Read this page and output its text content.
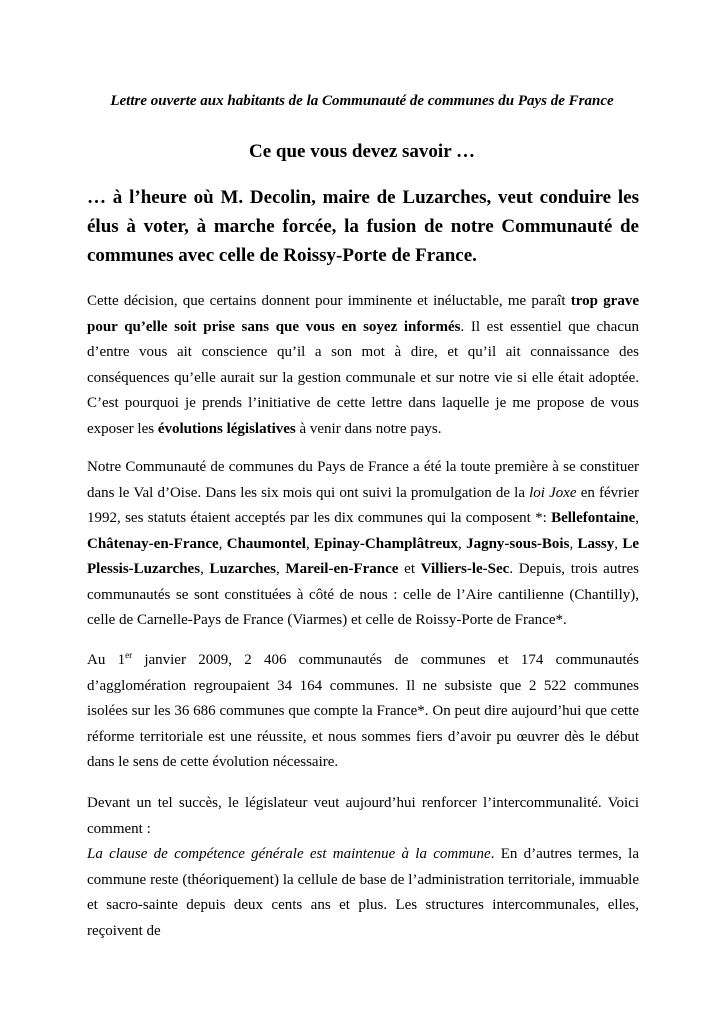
Lettre ouverte aux habitants de la Communauté de communes du Pays de France
Ce que vous devez savoir …
… à l’heure où M. Decolin, maire de Luzarches, veut conduire les élus à voter, à marche forcée, la fusion de notre Communauté de communes avec celle de Roissy-Porte de France.
Cette décision, que certains donnent pour imminente et inéluctable, me paraît trop grave pour qu’elle soit prise sans que vous en soyez informés. Il est essentiel que chacun d’entre vous ait conscience qu’il a son mot à dire, et qu’il ait connaissance des conséquences qu’elle aurait sur la gestion communale et sur notre vie si elle était adoptée. C’est pourquoi je prends l’initiative de cette lettre dans laquelle je me propose de vous exposer les évolutions législatives à venir dans notre pays.
Notre Communauté de communes du Pays de France a été la toute première à se constituer dans le Val d’Oise. Dans les six mois qui ont suivi la promulgation de la loi Joxe en février 1992, ses statuts étaient acceptés par les dix communes qui la composent *: Bellefontaine, Châtenay-en-France, Chaumontel, Epinay-Champlâtreux, Jagny-sous-Bois, Lassy, Le Plessis-Luzarches, Luzarches, Mareil-en-France et Villiers-le-Sec. Depuis, trois autres communautés se sont constituées à côté de nous : celle de l’Aire cantilienne (Chantilly), celle de Carnelle-Pays de France (Viarmes) et celle de Roissy-Porte de France*.
Au 1er janvier 2009, 2 406 communautés de communes et 174 communautés d’agglomération regroupaient 34 164 communes. Il ne subsiste que 2 522 communes isolées sur les 36 686 communes que compte la France*. On peut dire aujourd’hui que cette réforme territoriale est une réussite, et nous sommes fiers d’avoir pu œuvrer dès le début dans le sens de cette évolution nécessaire.
Devant un tel succès, le législateur veut aujourd’hui renforcer l’intercommunalité. Voici comment :
La clause de compétence générale est maintenue à la commune. En d’autres termes, la commune reste (théoriquement) la cellule de base de l’administration territoriale, immuable et sacro-sainte depuis deux cents ans et plus. Les structures intercommunales, elles, reçoivent de
